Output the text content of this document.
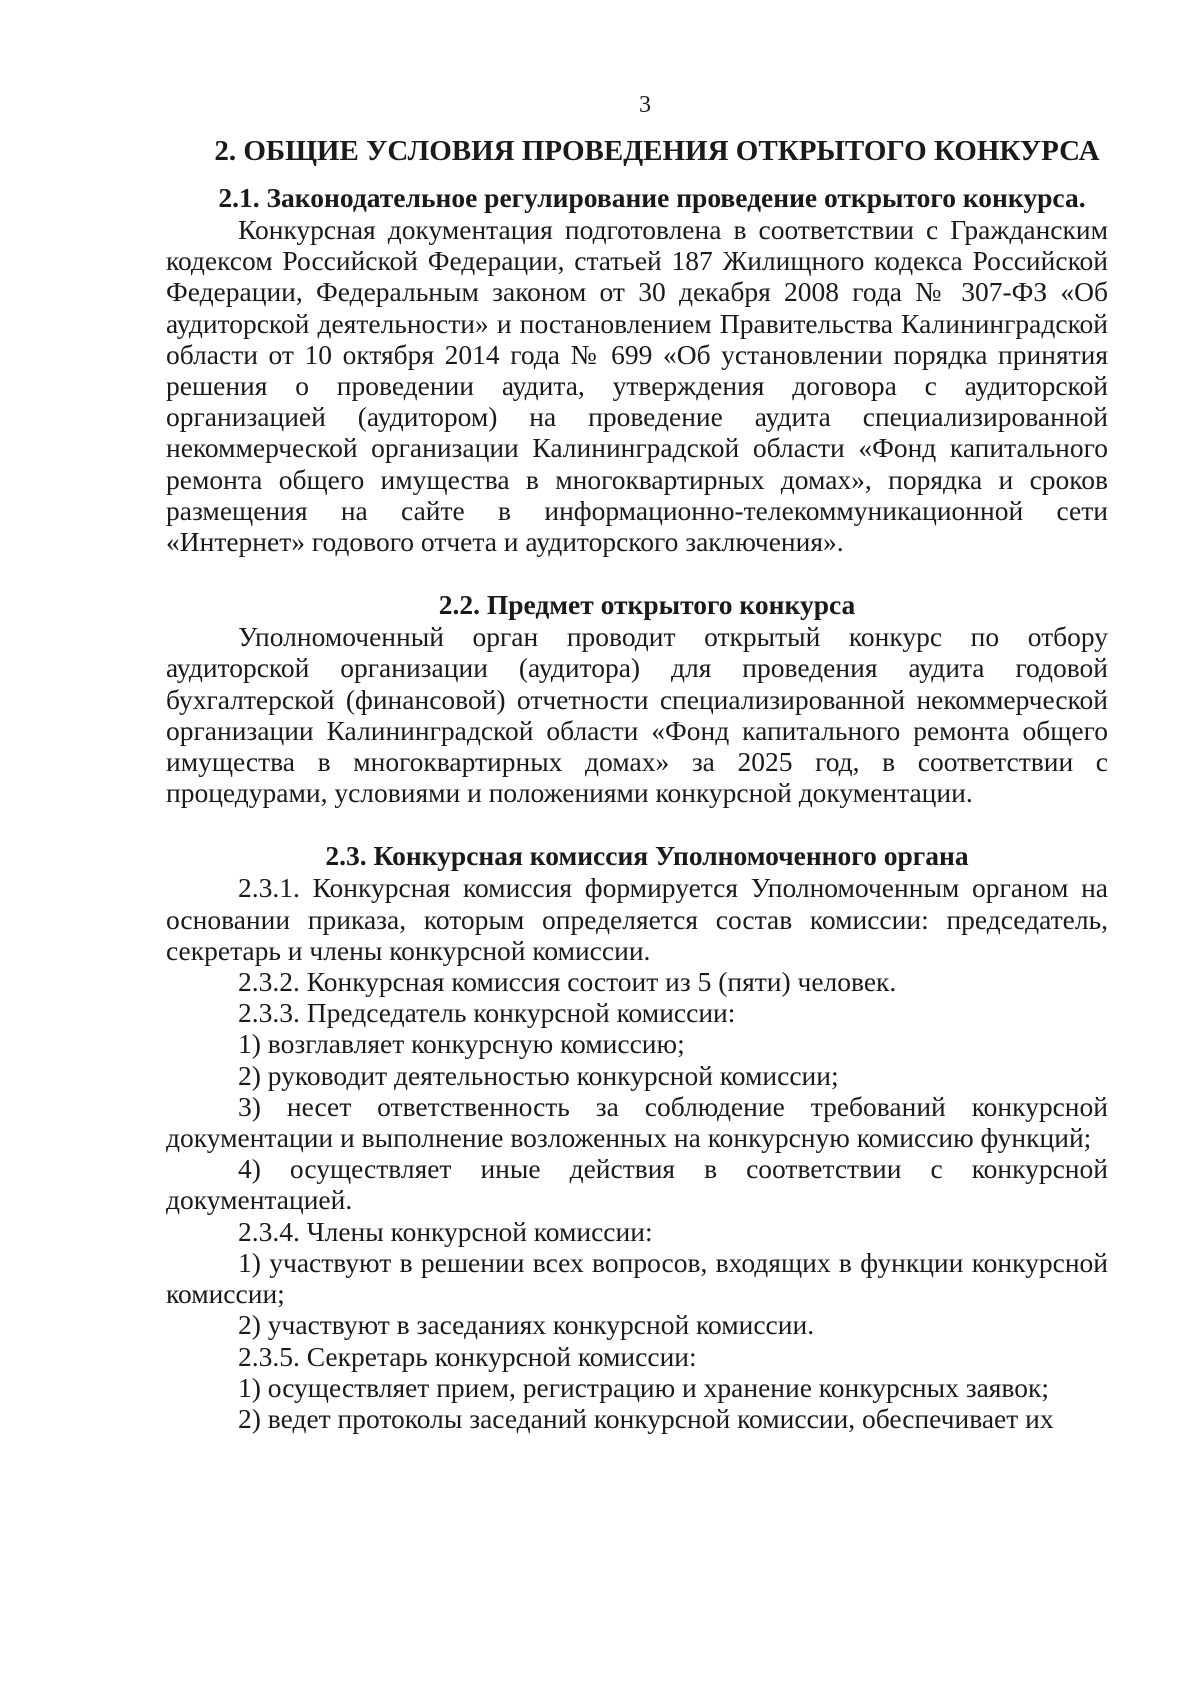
3
2. ОБЩИЕ УСЛОВИЯ ПРОВЕДЕНИЯ ОТКРЫТОГО КОНКУРСА
2.1. Законодательное регулирование проведение открытого конкурса.

Конкурсная документация подготовлена в соответствии с Гражданским кодексом Российской Федерации, статьей 187 Жилищного кодекса Российской Федерации, Федеральным законом от 30 декабря 2008 года № 307-ФЗ «Об аудиторской деятельности» и постановлением Правительства Калининградской области от 10 октября 2014 года № 699 «Об установлении порядка принятия решения о проведении аудита, утверждения договора с аудиторской организацией (аудитором) на проведение аудита специализированной некоммерческой организации Калининградской области «Фонд капитального ремонта общего имущества в многоквартирных домах», порядка и сроков размещения на сайте в информационно-телекоммуникационной сети «Интернет» годового отчета и аудиторского заключения».

2.2. Предмет открытого конкурса

Уполномоченный орган проводит открытый конкурс по отбору аудиторской организации (аудитора) для проведения аудита годовой бухгалтерской (финансовой) отчетности специализированной некоммерческой организации Калининградской области «Фонд капитального ремонта общего имущества в многоквартирных домах» за 2025 год, в соответствии с процедурами, условиями и положениями конкурсной документации.

2.3. Конкурсная комиссия Уполномоченного органа

2.3.1. Конкурсная комиссия формируется Уполномоченным органом на основании приказа, которым определяется состав комиссии: председатель, секретарь и члены конкурсной комиссии.

2.3.2. Конкурсная комиссия состоит из 5 (пяти) человек.

2.3.3. Председатель конкурсной комиссии:

1) возглавляет конкурсную комиссию;

2) руководит деятельностью конкурсной комиссии;

3) несет ответственность за соблюдение требований конкурсной документации и выполнение возложенных на конкурсную комиссию функций;

4) осуществляет иные действия в соответствии с конкурсной документацией.

2.3.4. Члены конкурсной комиссии:

1) участвуют в решении всех вопросов, входящих в функции конкурсной комиссии;

2) участвуют в заседаниях конкурсной комиссии.

2.3.5. Секретарь конкурсной комиссии:

1) осуществляет прием, регистрацию и хранение конкурсных заявок;

2) ведет протоколы заседаний конкурсной комиссии, обеспечивает их
